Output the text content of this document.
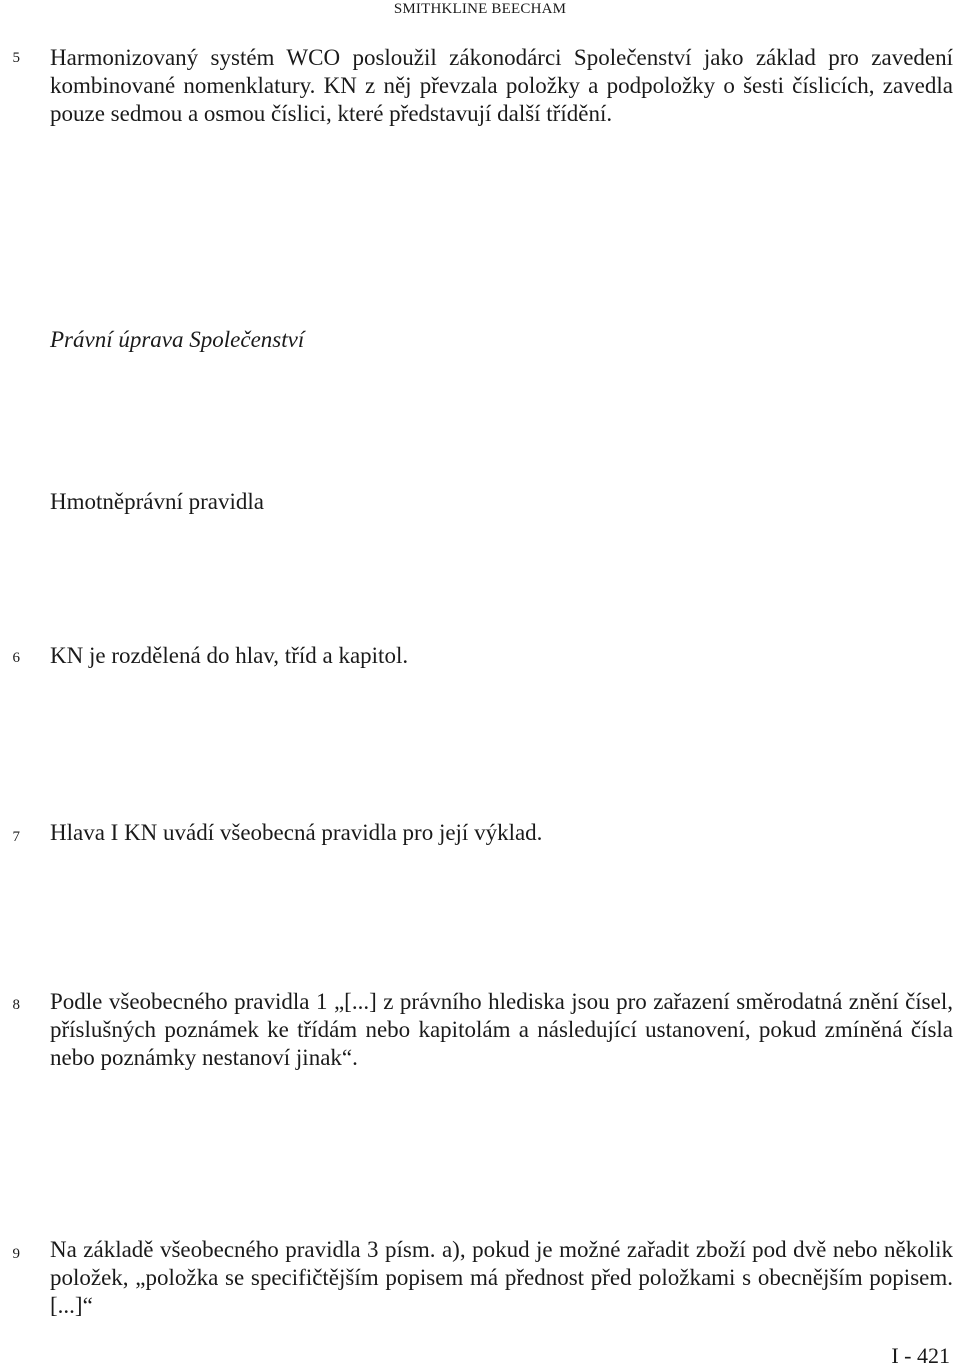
SMITHKLINE BEECHAM
5 Harmonizovaný systém WCO posloužil zákonodárci Společenství jako základ pro zavedení kombinované nomenklatury. KN z něj převzala položky a podpoložky o šesti číslicích, zavedla pouze sedmou a osmou číslici, které představují další třídění.
Právní úprava Společenství
Hmotněprávní pravidla
6 KN je rozdělená do hlav, tříd a kapitol.
7 Hlava I KN uvádí všeobecná pravidla pro její výklad.
8 Podle všeobecného pravidla 1 „[...] z právního hlediska jsou pro zařazení směrodatná znění čísel, příslušných poznámek ke třídám nebo kapitolám a následující ustanovení, pokud zmíněná čísla nebo poznámky nestanoví jinak“.
9 Na základě všeobecného pravidla 3 písm. a), pokud je možné zařadit zboží pod dvě nebo několik položek, „položka se specifičtějším popisem má přednost před položkami s obecnějším popisem. [...]“
I - 421
